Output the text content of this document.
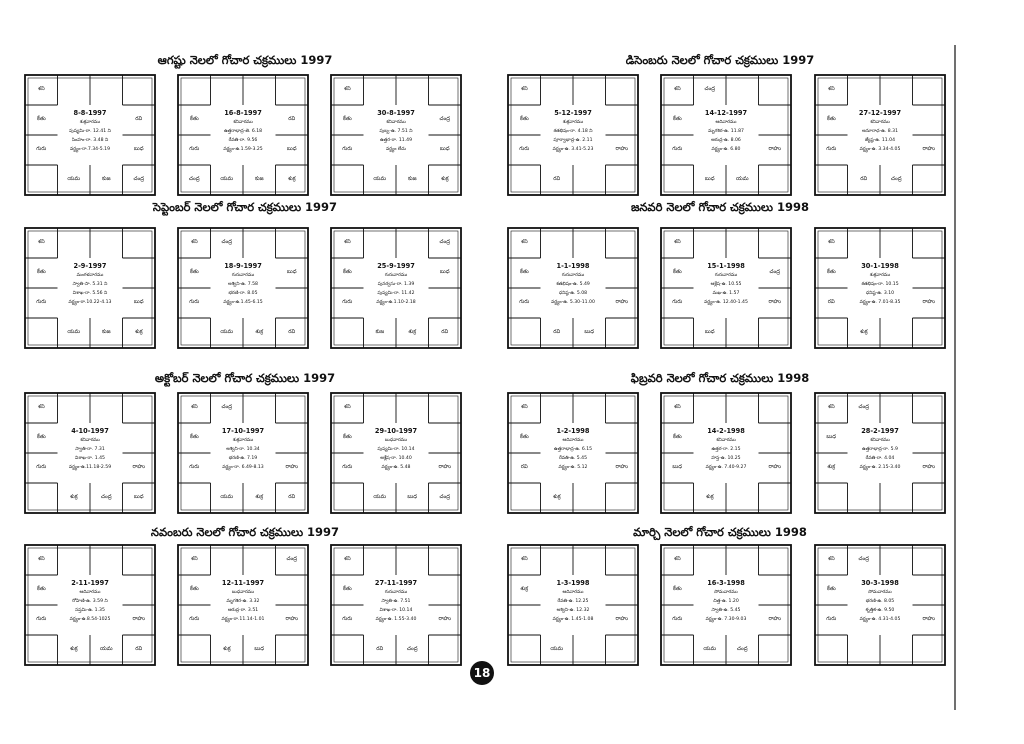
ఆగష్టు నెలలో గోచార చక్రములు 1997
శని
కేతు	రవి
గురు	బుధ
యమ	కుజ	చంద్ర
8-8-1997
శుక్రవారము
పుష్యమి-రా. 12.41 ని
సింహం-రా. 3.48 ని
వర్జ్యం-రా.7.34-5.19
కేతు	రవి
గురు	బుధ
చంద్ర	యమ	కుజ	శుక్ర
16-8-1997
శనివారము
ఉత్తరాభాద్ర-తె. 6.18
రేవతి-రా. 9.56
వర్జ్యం-ఉ.1.59-3.25
శని
కేతు	చంద్ర
గురు	బుధ
యమ	కుజ	శుక్ర
30-8-1997
శనివారము
పుబ్బ-ఉ. 7.51 ని
ఉత్తర-రా. 11.49
వర్జ్యం లేదు
సెప్టెంబర్ నెలలో గోచార చక్రములు 1997
శని
కేతు
గురు	బుధ
యమ	కుజ	శుక్ర
2-9-1997
మంగళవారము
స్వాతి-సా. 5.31 ని
విశాఖ-రా. 5.56 ని
వర్జ్యం-రా.10.22-4.13
శని	చంద్ర
కేతు	బుధ
గురు
యమ	శుక్ర	రవి
18-9-1997
గురువారము
అశ్విని-ఉ. 7.58
భరణి-రా. 8.05
వర్జ్యం-ఉ.1.45-6.15
శని	చంద్ర
కేతు	బుధ
గురు
కుజ	శుక్ర	రవి
25-9-1997
గురువారము
పునర్వసు-రా. 1.39
పుష్యమి-రా. 11.42
వర్జ్యం-ఉ.1.10-2.18
అక్టోబర్ నెలలో గోచార చక్రములు 1997
శని
కేతు
గురు	రాహు
శుక్ర	చంద్ర	బుధ
4-10-1997
శనివారము
స్వాతి-రా. 7.31
విశాఖ-రా. 1.45
వర్జ్యం-ఉ.11.18-2.59
శని	చంద్ర
కేతు
గురు	రాహు
యమ	శుక్ర	రవి
17-10-1997
శుక్రవారము
అశ్విని-రా. 10.34
భరణి-ఉ. 7.19
వర్జ్యం-రా. 6.49-8.13
శని
కేతు
గురు	రాహు
యమ	బుధ	చంద్ర
29-10-1997
బుధవారము
పుష్యమి-రా. 10.14
ఆశ్లేష-రా. 10.40
వర్జ్యం-ఉ. 5.48
నవంబరు నెలలో గోచార చక్రములు 1997
శని
కేతు
గురు	రాహు
శుక్ర	యమ	రవి
2-11-1997
ఆదివారము
రోహిణి-ఉ. 3.59 ని
సప్తమి-ఉ. 1.35
వర్జ్యం-ఉ.8.54-1025
శని	చంద్ర
కేతు
గురు	రాహు
శుక్ర	బుధ
12-11-1997
బుధవారము
మృగశిర-ఉ. 3.32
ఆరుద్ర-రా. 3.51
వర్జ్యం-రా.11.14-1.01
శని
కేతు
గురు	రాహు
రవి	చంద్ర
27-11-1997
గురువారము
స్వాతి-ఉ. 7.51
విశాఖ-రా. 10.14
వర్జ్యం-ఉ. 1.55-3.40
డిసెంబరు నెలలో గోచార చక్రములు 1997
శని
కేతు
గురు	రాహు
రవి
5-12-1997
శుక్రవారము
శతభిషం-రా. 4.18 ని
పూర్వాభాద్ర-ఉ. 2.11
వర్జ్యం-ఉ. 3.41-5.23
శని	చంద్ర
కేతు
గురు	రాహు
బుధ	యమ
14-12-1997
ఆదివారము
మృగశిర-ఉ. 11.87
ఆరుద్ర-ఉ. 8.06
వర్జ్యం-ఉ. 6.80
శని
కేతు
గురు	రాహు
రవి	చంద్ర
27-12-1997
శనివారము
అనూరాధ-ఉ. 8.31
జ్యేష్ఠ-ఉ. 11.04
వర్జ్యం-ఉ. 3.34-4.05
జనవరి నెలలో గోచార చక్రములు 1998
శని
కేతు
గురు	రాహు
రవి	బుధ
1-1-1998
గురువారము
శతభిషం-ఉ. 5.49
ధనిష్ఠ-ఉ. 5.08
వర్జ్యం-ఉ. 5.30-11.00
శని
కేతు	చంద్ర
గురు	రాహు
బుధ
15-1-1998
గురువారము
ఆశ్లేష-ఉ. 10.55
మఖ-ఉ. 1.57
వర్జ్యం-ఉ. 12.40-1.45
శని
కేతు
రవి	రాహు
శుక్ర
30-1-1998
శుక్రవారము
శతభిషం-రా. 10.15
ధనిష్ఠ-ఉ. 3.10
వర్జ్యం-ఉ. 7.01-8.35
ఫిబ్రవరి నెలలో గోచార చక్రములు 1998
శని
కేతు
రవి	రాహు
శుక్ర
1-2-1998
ఆదివారము
ఉత్తరాభాద్ర-ఉ. 6.15
రేవతి-ఉ. 5.45
వర్జ్యం-ఉ. 5.12
శని
కేతు
బుధ	రాహు
శుక్ర
14-2-1998
శనివారము
ఉత్తర-రా. 2.15
హస్త-ఉ. 10.25
వర్జ్యం-ఉ. 7.40-9.27
శని	చంద్ర
బుధ
శుక్ర	రాహు
28-2-1997
శనివారము
ఉత్తరాభాద్ర-రా. 5.9
రేవతి-రా. 4.04
వర్జ్యం-ఉ. 2.15-3.40
మార్చి నెలలో గోచార చక్రములు 1998
శని
శుక్ర
రాహు
యమ
1-3-1998
ఆదివారము
రేవతి-ఉ. 12.25
అశ్విని-ఉ. 12.32
వర్జ్యం-ఉ. 1.45-1.08
శని
కేతు
గురు	రాహు
యమ	చంద్ర
16-3-1998
సోమవారము
చిత్త-ఉ. 1.20
స్వాతి-ఉ. 5.45
వర్జ్యం-ఉ. 7.30-9.03
శని	చంద్ర
కేతు
గురు	రాహు
30-3-1998
సోమవారము
భరణి-ఉ. 8.05
కృత్తిక-ఉ. 9.50
వర్జ్యం-ఉ. 4.31-4.05
18
